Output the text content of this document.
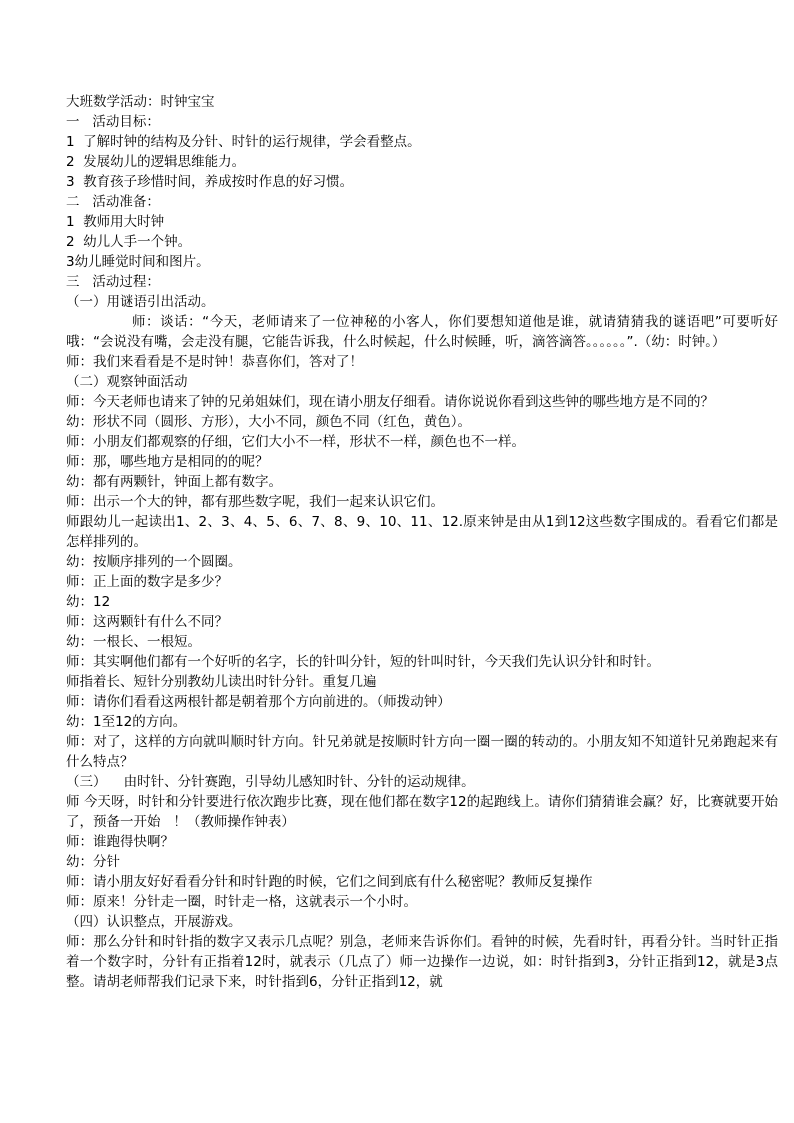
大班数学活动：时钟宝宝

一   活动目标：

1  了解时钟的结构及分针、时针的运行规律，学会看整点。

2  发展幼儿的逻辑思维能力。

3  教育孩子珍惜时间，养成按时作息的好习惯。

二   活动准备：

1  教师用大时钟

2  幼儿人手一个钟。

3幼儿睡觉时间和图片。

三   活动过程：

（一）用谜语引出活动。

师：谈话：“今天，老师请来了一位神秘的小客人，你们要想知道他是谁，就请猜猜我的谜语吧”可要听好哦：“会说没有嘴，会走没有腿，它能告诉我，什么时候起，什么时候睡，听，滴答滴答。。。。。。”.（幼：时钟。）

师：我们来看看是不是时钟！恭喜你们，答对了！

（二）观察钟面活动

师：今天老师也请来了钟的兄弟姐妹们，现在请小朋友仔细看。请你说说你看到这些钟的哪些地方是不同的？

幼：形状不同（圆形、方形），大小不同，颜色不同（红色，黄色）。

师：小朋友们都观察的仔细，它们大小不一样，形状不一样，颜色也不一样。

师：那，哪些地方是相同的的呢？

幼：都有两颗针，钟面上都有数字。

师：出示一个大的钟，都有那些数字呢，我们一起来认识它们。

师跟幼儿一起读出1、2、3、4、5、6、7、8、9、10、11、12.原来钟是由从1到12这些数字围成的。看看它们都是怎样排列的。

幼：按顺序排列的一个圆圈。

师：正上面的数字是多少？

幼：12

师：这两颗针有什么不同？

幼：一根长、一根短。

师：其实啊他们都有一个好听的名字，长的针叫分针，短的针叫时针，今天我们先认识分针和时针。

师指着长、短针分别教幼儿读出时针分针。重复几遍

师：请你们看看这两根针都是朝着那个方向前进的。（师拨动钟）

幼：1至12的方向。

师：对了，这样的方向就叫顺时针方向。针兄弟就是按顺时针方向一圈一圈的转动的。小朋友知不知道针兄弟跑起来有什么特点？

（三）    由时针、分针赛跑，引导幼儿感知时针、分针的运动规律。

师 今天呀，时针和分针要进行依次跑步比赛，现在他们都在数字12的起跑线上。请你们猜猜谁会赢？好，比赛就要开始了，预备一开始   ！（教师操作钟表）

师：谁跑得快啊？

幼：分针

师：请小朋友好好看看分针和时针跑的时候，它们之间到底有什么秘密呢？教师反复操作

师：原来！分针走一圈，时针走一格，这就表示一个小时。

（四）认识整点，开展游戏。

师：那么分针和时针指的数字又表示几点呢？别急，老师来告诉你们。看钟的时候，先看时针，再看分针。当时针正指着一个数字时，分针有正指着12时，就表示（几点了）师一边操作一边说，如：时针指到3，分针正指到12，就是3点整。请胡老师帮我们记录下来，时针指到6，分针正指到12，就
